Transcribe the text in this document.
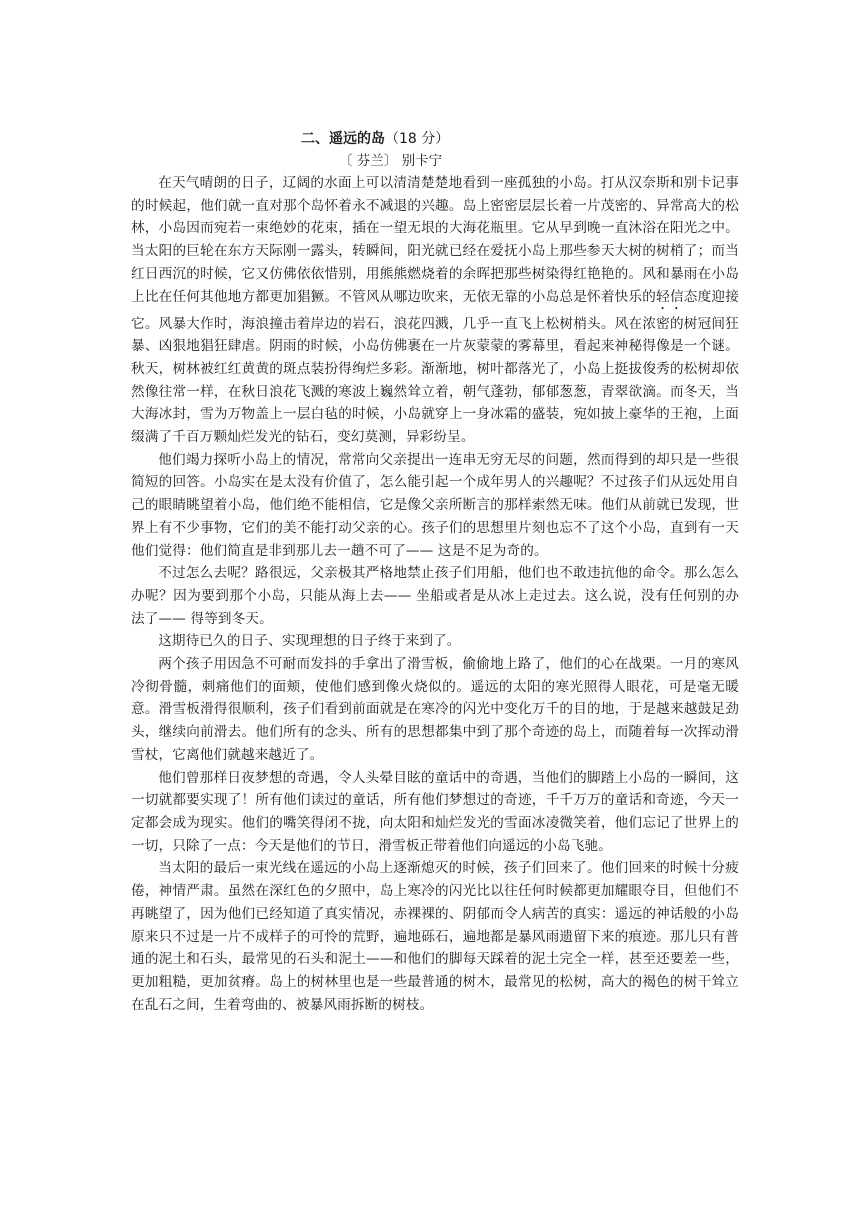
二、遥远的岛（18 分）
〔 芬兰〕 别卡宁

在天气晴朗的日子，辽阔的水面上可以清清楚楚地看到一座孤独的小岛。打从汉奈斯和别卡记事的时候起，他们就一直对那个岛怀着永不减退的兴趣。岛上密密层层长着一片茂密的、异常高大的松林，小岛因而宛若一束绝妙的花束，插在一望无垠的大海花瓶里。它从早到晚一直沐浴在阳光之中。当太阳的巨轮在东方天际刚一露头，转瞬间，阳光就已经在爱抚小岛上那些参天大树的树梢了；而当红日西沉的时候，它又仿佛依依惜别，用熊熊燃烧着的余晖把那些树染得红艳艳的。风和暴雨在小岛上比在任何其他地方都更加猖獗。不管风从哪边吹来，无依无靠的小岛总是怀着快乐的轻信态度迎接它。风暴大作时，海浪撞击着岸边的岩石，浪花四溅，几乎一直飞上松树梢头。风在浓密的树冠间狂暴、凶狠地猖狂肆虐。阴雨的时候，小岛仿佛裹在一片灰蒙蒙的雾幕里，看起来神秘得像是一个谜。秋天，树林被红红黄黄的斑点装扮得绚烂多彩。渐渐地，树叶都落光了，小岛上挺拔俊秀的松树却依然像往常一样，在秋日浪花飞溅的寒波上巍然耸立着，朝气蓬勃，郁郁葱葱，青翠欲滴。而冬天，当大海冰封，雪为万物盖上一层白毡的时候，小岛就穿上一身冰霜的盛装，宛如披上豪华的王袍，上面缀满了千百万颗灿烂发光的钻石，变幻莫测，异彩纷呈。

他们竭力探听小岛上的情况，常常向父亲提出一连串无穷无尽的问题，然而得到的却只是一些很简短的回答。小岛实在是太没有价值了，怎么能引起一个成年男人的兴趣呢？不过孩子们从远处用自己的眼睛眺望着小岛，他们绝不能相信，它是像父亲所断言的那样索然无味。他们从前就已发现，世界上有不少事物，它们的美不能打动父亲的心。孩子们的思想里片刻也忘不了这个小岛，直到有一天他们觉得：他们简直是非到那儿去一趟不可了—— 这是不足为奇的。

不过怎么去呢？路很远，父亲极其严格地禁止孩子们用船，他们也不敢违抗他的命令。那么怎么办呢？因为要到那个小岛，只能从海上去—— 坐船或者是从冰上走过去。这么说，没有任何别的办法了—— 得等到冬天。

这期待已久的日子、实现理想的日子终于来到了。

两个孩子用因急不可耐而发抖的手拿出了滑雪板，偷偷地上路了，他们的心在战栗。一月的寒风冷彻骨髓，刺痛他们的面颊，使他们感到像火烧似的。遥远的太阳的寒光照得人眼花，可是毫无暖意。滑雪板滑得很顺利，孩子们看到前面就是在寒冷的闪光中变化万千的目的地，于是越来越鼓足劲头，继续向前滑去。他们所有的念头、所有的思想都集中到了那个奇迹的岛上，而随着每一次挥动滑雪杖，它离他们就越来越近了。

他们曾那样日夜梦想的奇遇，令人头晕目眩的童话中的奇遇，当他们的脚踏上小岛的一瞬间，这一切就都要实现了！所有他们读过的童话，所有他们梦想过的奇迹，千千万万的童话和奇迹，今天一定都会成为现实。他们的嘴笑得闭不拢，向太阳和灿烂发光的雪面冰凌微笑着，他们忘记了世界上的一切，只除了一点：今天是他们的节日，滑雪板正带着他们向遥远的小岛飞驰。

当太阳的最后一束光线在遥远的小岛上逐渐熄灭的时候，孩子们回来了。他们回来的时候十分疲倦，神情严肃。虽然在深红色的夕照中，岛上寒冷的闪光比以往任何时候都更加耀眼夺目，但他们不再眺望了，因为他们已经知道了真实情况，赤裸裸的、阴郁而令人病苦的真实：遥远的神话般的小岛原来只不过是一片不成样子的可怜的荒野，遍地砾石，遍地都是暴风雨遗留下来的痕迹。那儿只有普通的泥土和石头，最常见的石头和泥土——和他们的脚每天踩着的泥土完全一样，甚至还要差一些，更加粗糙，更加贫瘠。岛上的树林里也是一些最普通的树木，最常见的松树，高大的褐色的树干耸立在乱石之间，生着弯曲的、被暴风雨拆断的树枝。
